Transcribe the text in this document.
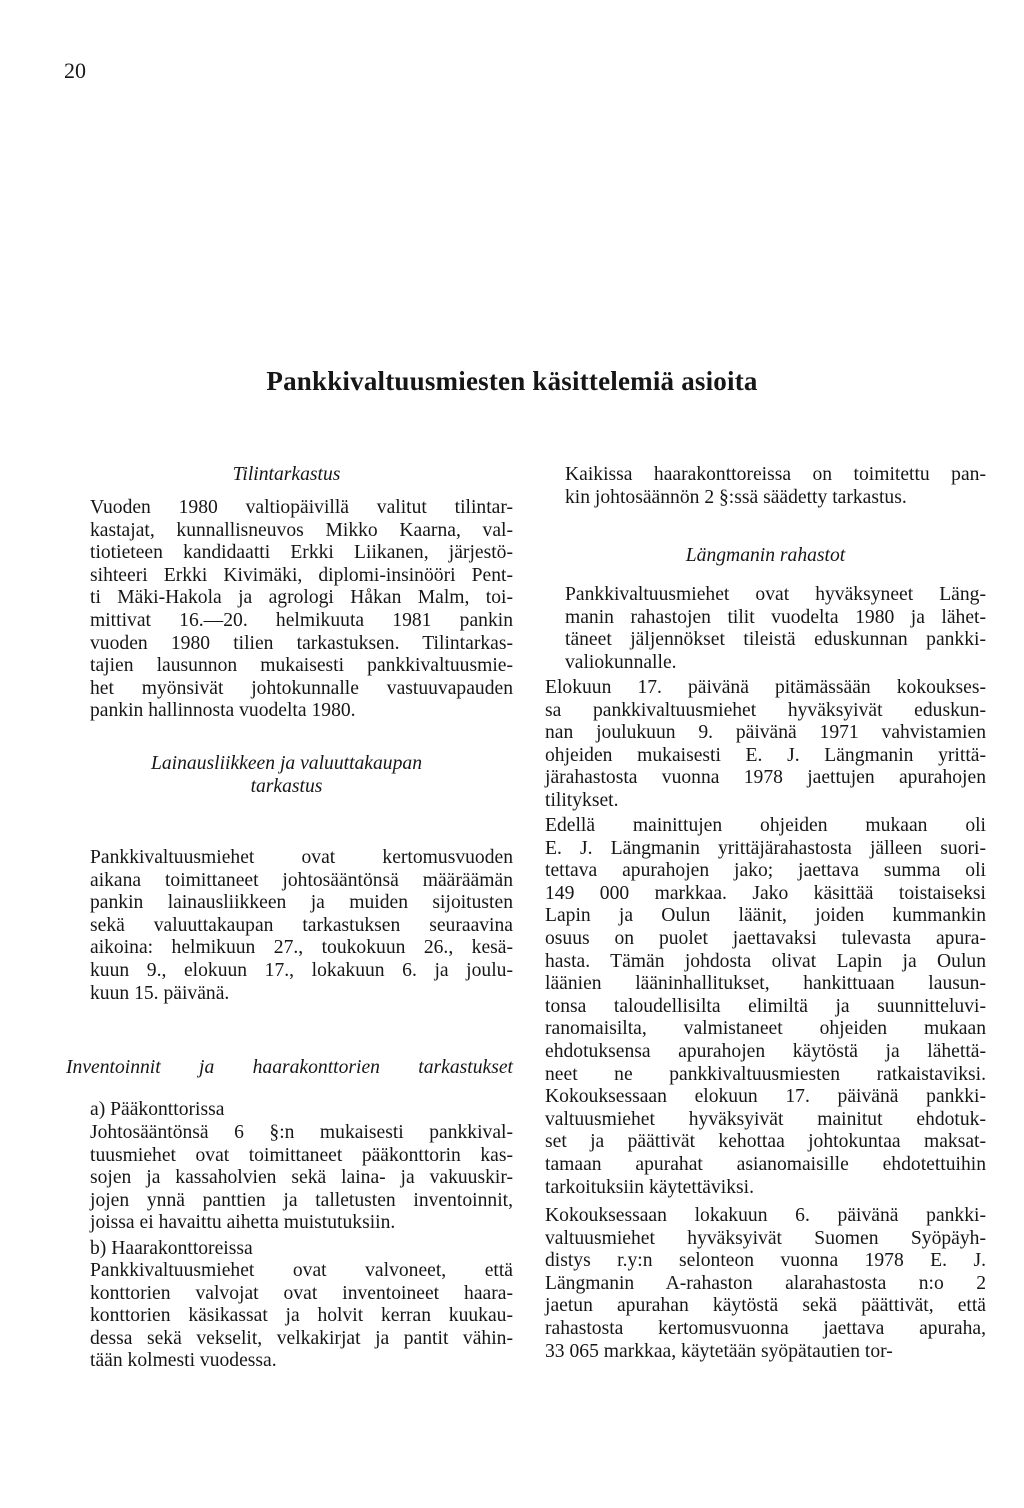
20
Pankkivaltuusmiesten käsittelemiä asioita
Tilintarkastus
Vuoden 1980 valtiopäivillä valitut tilintar-
kastajat, kunnallisneuvos Mikko Kaarna, val-
tiotieteen kandidaatti Erkki Liikanen, järjestö-
sihteeri Erkki Kivimäki, diplomi-insinööri Pent-
ti Mäki-Hakola ja agrologi Håkan Malm, toi-
mittivat 16.—20. helmikuuta 1981 pankin
vuoden 1980 tilien tarkastuksen. Tilintarkas-
tajien lausunnon mukaisesti pankkivaltuusmie-
het myönsivät johtokunnalle vastuuvapauden
pankin hallinnosta vuodelta 1980.
Lainausliikkeen ja valuuttakaupan
tarkastus
Pankkivaltuusmiehet ovat kertomusvuoden
aikana toimittaneet johtosääntönsä määräämän
pankin lainausliikkeen ja muiden sijoitusten
sekä valuuttakaupan tarkastuksen seuraavina
aikoina: helmikuun 27., toukokuun 26., kesä-
kuun 9., elokuun 17., lokakuun 6. ja joulu-
kuun 15. päivänä.
Inventoinnit ja haarakonttorien tarkastukset
a) Pääkonttorissa
Johtosääntönsä 6 §:n mukaisesti pankkival-
tuusmiehet ovat toimittaneet pääkonttorin kas-
sojen ja kassaholvien sekä laina- ja vakuuskir-
jojen ynnä panttien ja talletusten inventoinnit,
joissa ei havaittu aihetta muistutuksiin.
b) Haarakonttoreissa
Pankkivaltuusmiehet ovat valvoneet, että
konttorien valvojat ovat inventoineet haara-
konttorien käsikassat ja holvit kerran kuukau-
dessa sekä vekselit, velkakirjat ja pantit vähin-
tään kolmesti vuodessa.
Kaikissa haarakonttoreissa on toimitettu pan-
kin johtosäännön 2 §:ssä säädetty tarkastus.
Längmanin rahastot
Pankkivaltuusmiehet ovat hyväksyneet Läng-
manin rahastojen tilit vuodelta 1980 ja lähet-
täneet jäljennökset tileistä eduskunnan pankki-
valiokunnalle.
Elokuun 17. päivänä pitämässään kokoukses-
sa pankkivaltuusmiehet hyväksyivät eduskun-
nan joulukuun 9. päivänä 1971 vahvistamien
ohjeiden mukaisesti E. J. Längmanin yrittä-
järahastosta vuonna 1978 jaettujen apurahojen
tilitykset.
Edellä mainittujen ohjeiden mukaan oli
E. J. Längmanin yrittäjärahastosta jälleen suori-
tettava apurahojen jako; jaettava summa oli
149 000 markkaa. Jako käsittää toistaiseksi
Lapin ja Oulun läänit, joiden kummankin
osuus on puolet jaettavaksi tulevasta apura-
hasta. Tämän johdosta olivat Lapin ja Oulun
läänien lääninhallitukset, hankittuaan lausun-
tonsa taloudellisilta elimiltä ja suunnitteluvi-
ranomaisilta, valmistaneet ohjeiden mukaan
ehdotuksensa apurahojen käytöstä ja lähettä-
neet ne pankkivaltuusmiesten ratkaistaviksi.
Kokouksessaan elokuun 17. päivänä pankki-
valtuusmiehet hyväksyivät mainitut ehdotuk-
set ja päättivät kehottaa johtokuntaa maksat-
tamaan apurahat asianomaisille ehdotettuihin
tarkoituksiin käytettäviksi.
Kokouksessaan lokakuun 6. päivänä pankki-
valtuusmiehet hyväksyivät Suomen Syöpäyh-
distys r.y:n selonteon vuonna 1978 E. J.
Längmanin A-rahaston alarahastosta n:o 2
jaetun apurahan käytöstä sekä päättivät, että
rahastosta kertomusvuonna jaettava apuraha,
33 065 markkaa, käytetään syöpätautien tor-
